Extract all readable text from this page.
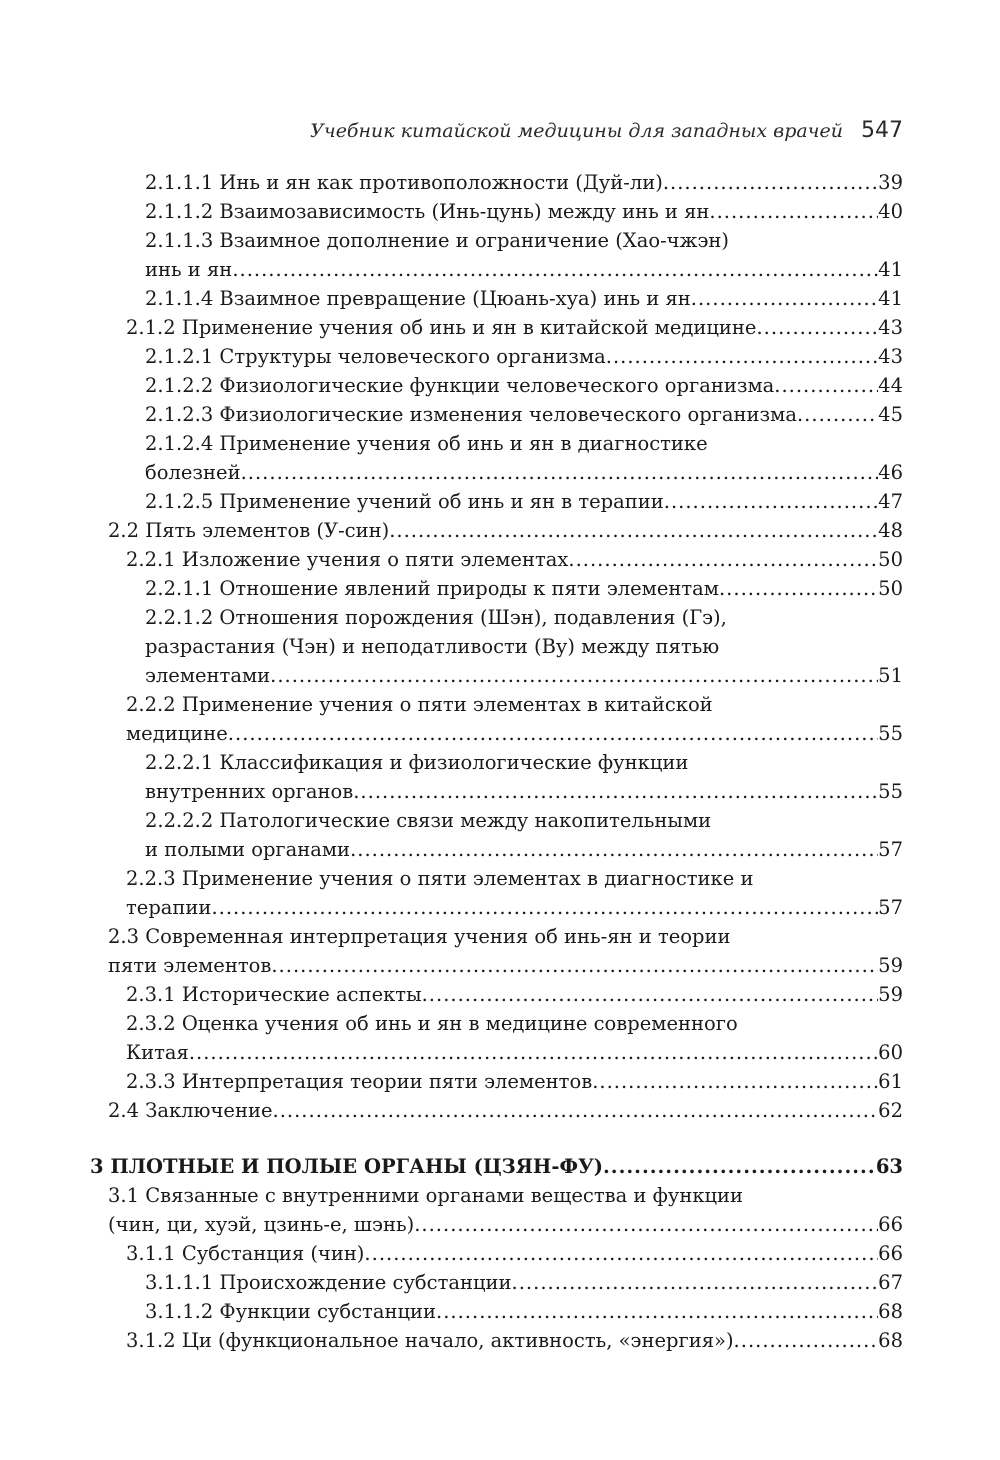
Учебник китайской медицины для западных врачей 547
2.1.1.1 Инь и ян как противоположности (Дуй-ли) .....	39
2.1.1.2 Взаимозависимость (Инь-цунь) между инь и ян .....	40
2.1.1.3 Взаимное дополнение и ограничение (Хао-чжэн)
инь и ян .....	41
2.1.1.4 Взаимное превращение (Цюань-хуа) инь и ян .....	41
2.1.2 Применение учения об инь и ян в китайской медицине .....	43
2.1.2.1 Структуры человеческого организма .....	43
2.1.2.2 Физиологические функции человеческого организма .....	44
2.1.2.3 Физиологические изменения человеческого организма .....	45
2.1.2.4 Применение учения об инь и ян в диагностике
болезней .....	46
2.1.2.5 Применение учений об инь и ян в терапии .....	47
2.2 Пять элементов (У-син) .....	48
2.2.1 Изложение учения о пяти элементах .....	50
2.2.1.1 Отношение явлений природы к пяти элементам .....	50
2.2.1.2 Отношения порождения (Шэн), подавления (Гэ),
разрастания (Чэн) и неподатливости (Ву) между пятью
элементами .....	51
2.2.2 Применение учения о пяти элементах в китайской
медицине .....	55
2.2.2.1 Классификация и физиологические функции
внутренних органов .....	55
2.2.2.2 Патологические связи между накопительными
и полыми органами .....	57
2.2.3 Применение учения о пяти элементах в диагностике и
терапии .....	57
2.3 Современная интерпретация учения об инь-ян и теории
пяти элементов .....	59
2.3.1 Исторические аспекты .....	59
2.3.2 Оценка учения об инь и ян в медицине современного
Китая .....	60
2.3.3 Интерпретация теории пяти элементов .....	61
2.4 Заключение .....	62
3 ПЛОТНЫЕ И ПОЛЫЕ ОРГАНЫ (ЦЗЯН-ФУ) .....	63
3.1 Связанные с внутренними органами вещества и функции
(чин, ци, хуэй, цзинь-е, шэнь) .....	66
3.1.1 Субстанция (чин) .....	66
3.1.1.1 Происхождение субстанции .....	67
3.1.1.2 Функции субстанции .....	68
3.1.2 Ци (функциональное начало, активность, «энергия») .....	68
